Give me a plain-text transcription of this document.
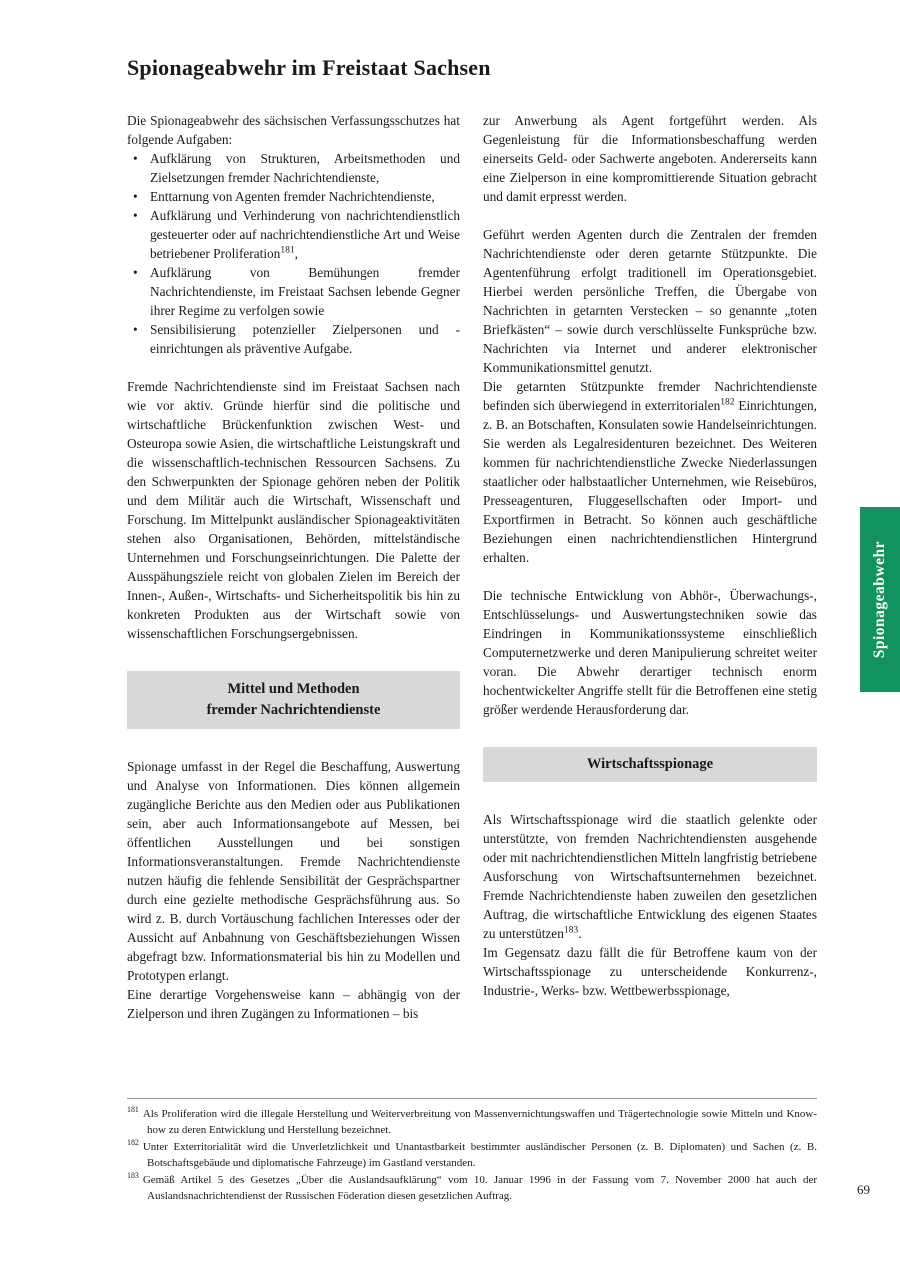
Spionageabwehr im Freistaat Sachsen

Die Spionageabwehr des sächsischen Verfassungsschutzes hat folgende Aufgaben:

• Aufklärung von Strukturen, Arbeitsmethoden und Zielsetzungen fremder Nachrichtendienste,
• Enttarnung von Agenten fremder Nachrichtendienste,
• Aufklärung und Verhinderung von nachrichtendienstlich gesteuerter oder auf nachrichtendienstliche Art und Weise betriebener Proliferation$^{181}$,
• Aufklärung von Bemühungen fremder Nachrichtendienste, im Freistaat Sachsen lebende Gegner ihrer Regime zu verfolgen sowie
• Sensibilisierung potenzieller Zielpersonen und -einrichtungen als präventive Aufgabe.

Fremde Nachrichtendienste sind im Freistaat Sachsen nach wie vor aktiv. Gründe hierfür sind die politische und wirtschaftliche Brückenfunktion zwischen West- und Osteuropa sowie Asien, die wirtschaftliche Leistungskraft und die wissenschaftlich-technischen Ressourcen Sachsens. Zu den Schwerpunkten der Spionage gehören neben der Politik und dem Militär auch die Wirtschaft, Wissenschaft und Forschung. Im Mittelpunkt ausländischer Spionageaktivitäten stehen also Organisationen, Behörden, mittelständische Unternehmen und Forschungseinrichtungen. Die Palette der Ausspähungsziele reicht von globalen Zielen im Bereich der Innen-, Außen-, Wirtschafts- und Sicherheitspolitik bis hin zu konkreten Produkten aus der Wirtschaft sowie von wissenschaftlichen Forschungsergebnissen.

Mittel und Methoden
fremder Nachrichtendienste

Spionage umfasst in der Regel die Beschaffung, Auswertung und Analyse von Informationen. Dies können allgemein zugängliche Berichte aus den Medien oder aus Publikationen sein, aber auch Informationsangebote auf Messen, bei öffentlichen Ausstellungen und bei sonstigen Informationsveranstaltungen. Fremde Nachrichtendienste nutzen häufig die fehlende Sensibilität der Gesprächspartner durch eine gezielte methodische Gesprächsführung aus. So wird z. B. durch Vortäuschung fachlichen Interesses oder der Aussicht auf Anbahnung von Geschäftsbeziehungen Wissen abgefragt bzw. Informationsmaterial bis hin zu Modellen und Prototypen erlangt.

Eine derartige Vorgehensweise kann – abhängig von der Zielperson und ihren Zugängen zu Informationen – bis

zur Anwerbung als Agent fortgeführt werden. Als Gegenleistung für die Informationsbeschaffung werden einerseits Geld- oder Sachwerte angeboten. Andererseits kann eine Zielperson in eine kompromittierende Situation gebracht und damit erpresst werden.

Geführt werden Agenten durch die Zentralen der fremden Nachrichtendienste oder deren getarnte Stützpunkte. Die Agentenführung erfolgt traditionell im Operationsgebiet. Hierbei werden persönliche Treffen, die Übergabe von Nachrichten in getarnten Verstecken – so genannte „toten Briefkästen“ – sowie durch verschlüsselte Funksprüche bzw. Nachrichten via Internet und anderer elektronischer Kommunikationsmittel genutzt.

Die getarnten Stützpunkte fremder Nachrichtendienste befinden sich überwiegend in exterritorialen$^{182}$ Einrichtungen, z. B. an Botschaften, Konsulaten sowie Handelseinrichtungen. Sie werden als Legalresidenturen bezeichnet. Des Weiteren kommen für nachrichtendienstliche Zwecke Niederlassungen staatlicher oder halbstaatlicher Unternehmen, wie Reisebüros, Presseagenturen, Fluggesellschaften oder Import- und Exportfirmen in Betracht. So können auch geschäftliche Beziehungen einen nachrichtendienstlichen Hintergrund erhalten.

Die technische Entwicklung von Abhör-, Überwachungs-, Entschlüsselungs- und Auswertungstechniken sowie das Eindringen in Kommunikationssysteme einschließlich Computernetzwerke und deren Manipulierung schreitet weiter voran. Die Abwehr derartiger technisch enorm hochentwickelter Angriffe stellt für die Betroffenen eine stetig größer werdende Herausforderung dar.

Wirtschaftsspionage

Als Wirtschaftsspionage wird die staatlich gelenkte oder unterstützte, von fremden Nachrichtendiensten ausgehende oder mit nachrichtendienstlichen Mitteln langfristig betriebene Ausforschung von Wirtschaftsunternehmen bezeichnet. Fremde Nachrichtendienste haben zuweilen den gesetzlichen Auftrag, die wirtschaftliche Entwicklung des eigenen Staates zu unterstützen$^{183}$.

Im Gegensatz dazu fällt die für Betroffene kaum von der Wirtschaftsspionage zu unterscheidende Konkurrenz-, Industrie-, Werks- bzw. Wettbewerbsspionage,

$^{181}$ Als Proliferation wird die illegale Herstellung und Weiterverbreitung von Massenvernichtungswaffen und Trägertechnologie sowie Mitteln und Know-how zu deren Entwicklung und Herstellung bezeichnet.
$^{182}$ Unter Exterritorialität wird die Unverletzlichkeit und Unantastbarkeit bestimmter ausländischer Personen (z. B. Diplomaten) und Sachen (z. B. Botschaftsgebäude und diplomatische Fahrzeuge) im Gastland verstanden.
$^{183}$ Gemäß Artikel 5 des Gesetzes „Über die Auslandsaufklärung“ vom 10. Januar 1996 in der Fassung vom 7. November 2000 hat auch der Auslandsnachrichtendienst der Russischen Föderation diesen gesetzlichen Auftrag.	69
Spionageabwehr
